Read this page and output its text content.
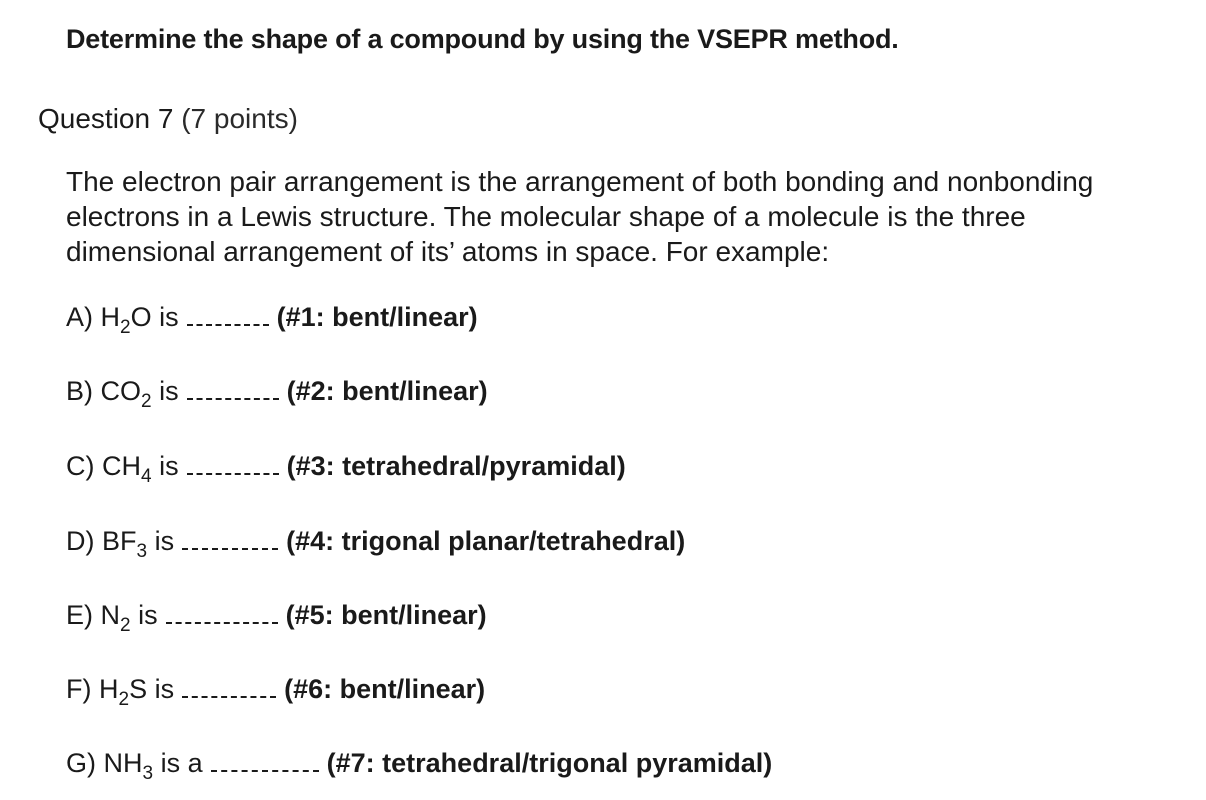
Determine the shape of a compound by using the VSEPR method.
Question 7 (7 points)
The electron pair arrangement is the arrangement of both bonding and nonbonding
electrons in a Lewis structure. The molecular shape of a molecule is the three
dimensional arrangement of its’ atoms in space. For example:
A)
$H_2O$
is	(#1: bent/linear)
B)
$CO_2$
is	(#2: bent/linear)
C)
$CH_4$
is	(#3: tetrahedral/pyramidal)
D)
$BF_3$
is	(#4: trigonal planar/tetrahedral)
E)
$N_2$
is	(#5: bent/linear)
F)
$H_2S$
is	(#6: bent/linear)
G)
$NH_3$
is a	(#7: tetrahedral/trigonal pyramidal)
